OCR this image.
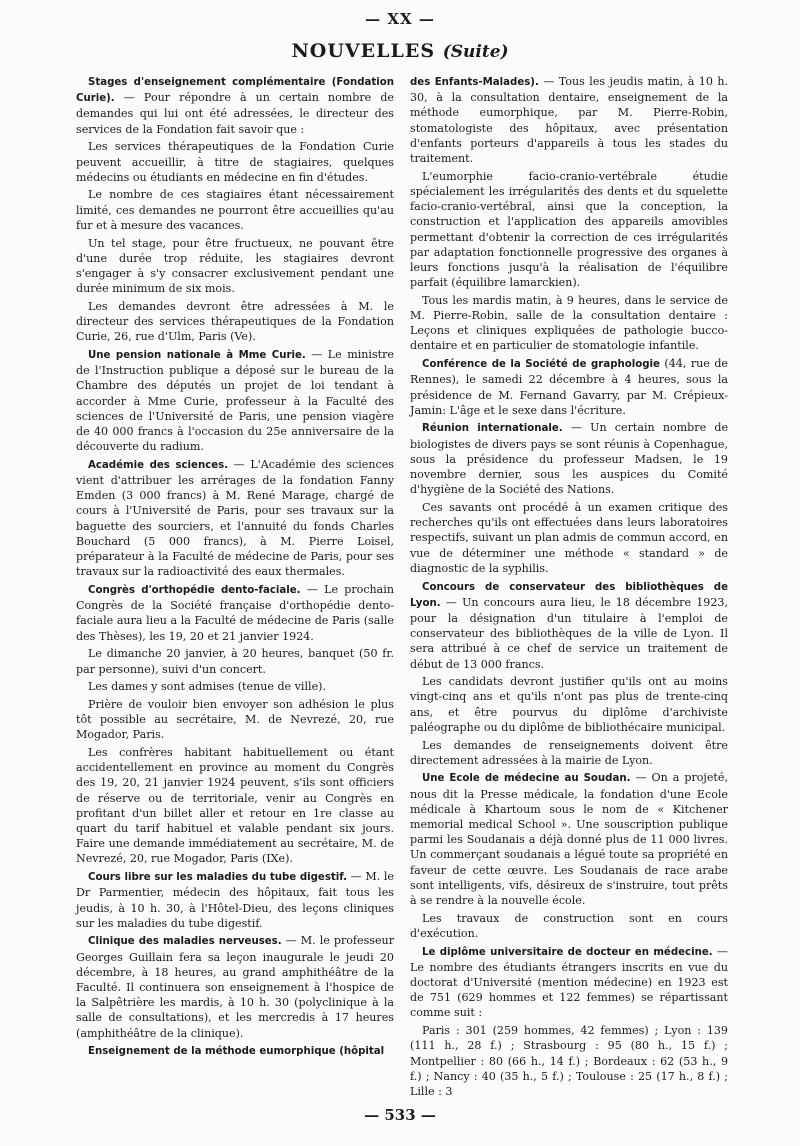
— XX —
NOUVELLES (Suite)

Stages d'enseignement complémentaire (Fondation Curie). — Pour répondre à un certain nombre de demandes qui lui ont été adressées, le directeur des services de la Fondation fait savoir que :

Les services thérapeutiques de la Fondation Curie peuvent accueillir, à titre de stagiaires, quelques médecins ou étudiants en médecine en fin d'études.

Le nombre de ces stagiaires étant nécessairement limité, ces demandes ne pourront être accueillies qu'au fur et à mesure des vacances.

Un tel stage, pour être fructueux, ne pouvant être d'une durée trop réduite, les stagiaires devront s'engager à s'y consacrer exclusivement pendant une durée minimum de six mois.

Les demandes devront être adressées à M. le directeur des services thérapeutiques de la Fondation Curie, 26, rue d'Ulm, Paris (Ve).

Une pension nationale à Mme Curie. — Le ministre de l'Instruction publique a déposé sur le bureau de la Chambre des députés un projet de loi tendant à accorder à Mme Curie, professeur à la Faculté des sciences de l'Université de Paris, une pension viagère de 40 000 francs à l'occasion du 25e anniversaire de la découverte du radium.

Académie des sciences. — L'Académie des sciences vient d'attribuer les arrérages de la fondation Fanny Emden (3 000 francs) à M. René Marage, chargé de cours à l'Université de Paris, pour ses travaux sur la baguette des sourciers, et l'annuité du fonds Charles Bouchard (5 000 francs), à M. Pierre Loisel, préparateur à la Faculté de médecine de Paris, pour ses travaux sur la radioactivité des eaux thermales.

Congrès d'orthopédie dento-faciale. — Le prochain Congrès de la Société française d'orthopédie dento-faciale aura lieu a la Faculté de médecine de Paris (salle des Thèses), les 19, 20 et 21 janvier 1924.

Le dimanche 20 janvier, à 20 heures, banquet (50 fr. par personne), suivi d'un concert.

Les dames y sont admises (tenue de ville).

Prière de vouloir bien envoyer son adhésion le plus tôt possible au secrétaire, M. de Nevrezé, 20, rue Mogador, Paris.

Les confrères habitant habituellement ou étant accidentellement en province au moment du Congrès des 19, 20, 21 janvier 1924 peuvent, s'ils sont officiers de réserve ou de territoriale, venir au Congrès en profitant d'un billet aller et retour en 1re classe au quart du tarif habituel et valable pendant six jours. Faire une demande immédiatement au secrétaire, M. de Nevrezé, 20, rue Mogador, Paris (IXe).

Cours libre sur les maladies du tube digestif. — M. le Dr Parmentier, médecin des hôpitaux, fait tous les jeudis, à 10 h. 30, à l'Hôtel-Dieu, des leçons cliniques sur les maladies du tube digestif.

Clinique des maladies nerveuses. — M. le professeur Georges Guillain fera sa leçon inaugurale le jeudi 20 décembre, à 18 heures, au grand amphithéâtre de la Faculté. Il continuera son enseignement à l'hospice de la Salpêtrière les mardis, à 10 h. 30 (polyclinique à la salle de consultations), et les mercredis à 17 heures (amphithéâtre de la clinique).

Enseignement de la méthode eumorphique (hôpital

des Enfants-Malades). — Tous les jeudis matin, à 10 h. 30, à la consultation dentaire, enseignement de la méthode eumorphique, par M. Pierre-Robin, stomatologiste des hôpitaux, avec présentation d'enfants porteurs d'appareils à tous les stades du traitement.

L'eumorphie facio-cranio-vertébrale étudie spécialement les irrégularités des dents et du squelette facio-cranio-vertébral, ainsi que la conception, la construction et l'application des appareils amovibles permettant d'obtenir la correction de ces irrégularités par adaptation fonctionnelle progressive des organes à leurs fonctions jusqu'à la réalisation de l'équilibre parfait (équilibre lamarckien).

Tous les mardis matin, à 9 heures, dans le service de M. Pierre-Robin, salle de la consultation dentaire : Leçons et cliniques expliquées de pathologie bucco-dentaire et en particulier de stomatologie infantile.

Conférence de la Société de graphologie (44, rue de Rennes), le samedi 22 décembre à 4 heures, sous la présidence de M. Fernand Gavarry, par M. Crépieux-Jamin: L'âge et le sexe dans l'écriture.

Réunion internationale. — Un certain nombre de biologistes de divers pays se sont réunis à Copenhague, sous la présidence du professeur Madsen, le 19 novembre dernier, sous les auspices du Comité d'hygiène de la Société des Nations.

Ces savants ont procédé à un examen critique des recherches qu'ils ont effectuées dans leurs laboratoires respectifs, suivant un plan admis de commun accord, en vue de déterminer une méthode « standard » de diagnostic de la syphilis.

Concours de conservateur des bibliothèques de Lyon. — Un concours aura lieu, le 18 décembre 1923, pour la désignation d'un titulaire à l'emploi de conservateur des bibliothèques de la ville de Lyon. Il sera attribué à ce chef de service un traitement de début de 13 000 francs.

Les candidats devront justifier qu'ils ont au moins vingt-cinq ans et qu'ils n'ont pas plus de trente-cinq ans, et être pourvus du diplôme d'archiviste paléographe ou du diplôme de bibliothécaire municipal.

Les demandes de renseignements doivent être directement adressées à la mairie de Lyon.

Une Ecole de médecine au Soudan. — On a projeté, nous dit la Presse médicale, la fondation d'une Ecole médicale à Khartoum sous le nom de « Kitchener memorial medical School ». Une souscription publique parmi les Soudanais a déjà donné plus de 11 000 livres. Un commerçant soudanais a légué toute sa propriété en faveur de cette œuvre. Les Soudanais de race arabe sont intelligents, vifs, désireux de s'instruire, tout prêts à se rendre à la nouvelle école.

Les travaux de construction sont en cours d'exécution.

Le diplôme universitaire de docteur en médecine. — Le nombre des étudiants étrangers inscrits en vue du doctorat d'Université (mention médecine) en 1923 est de 751 (629 hommes et 122 femmes) se répartissant comme suit :

Paris : 301 (259 hommes, 42 femmes) ; Lyon : 139 (111 h., 28 f.) ; Strasbourg : 95 (80 h., 15 f.) ; Montpellier : 80 (66 h., 14 f.) ; Bordeaux : 62 (53 h., 9 f.) ; Nancy : 40 (35 h., 5 f.) ; Toulouse : 25 (17 h., 8 f.) ; Lille : 3

— 533 —
